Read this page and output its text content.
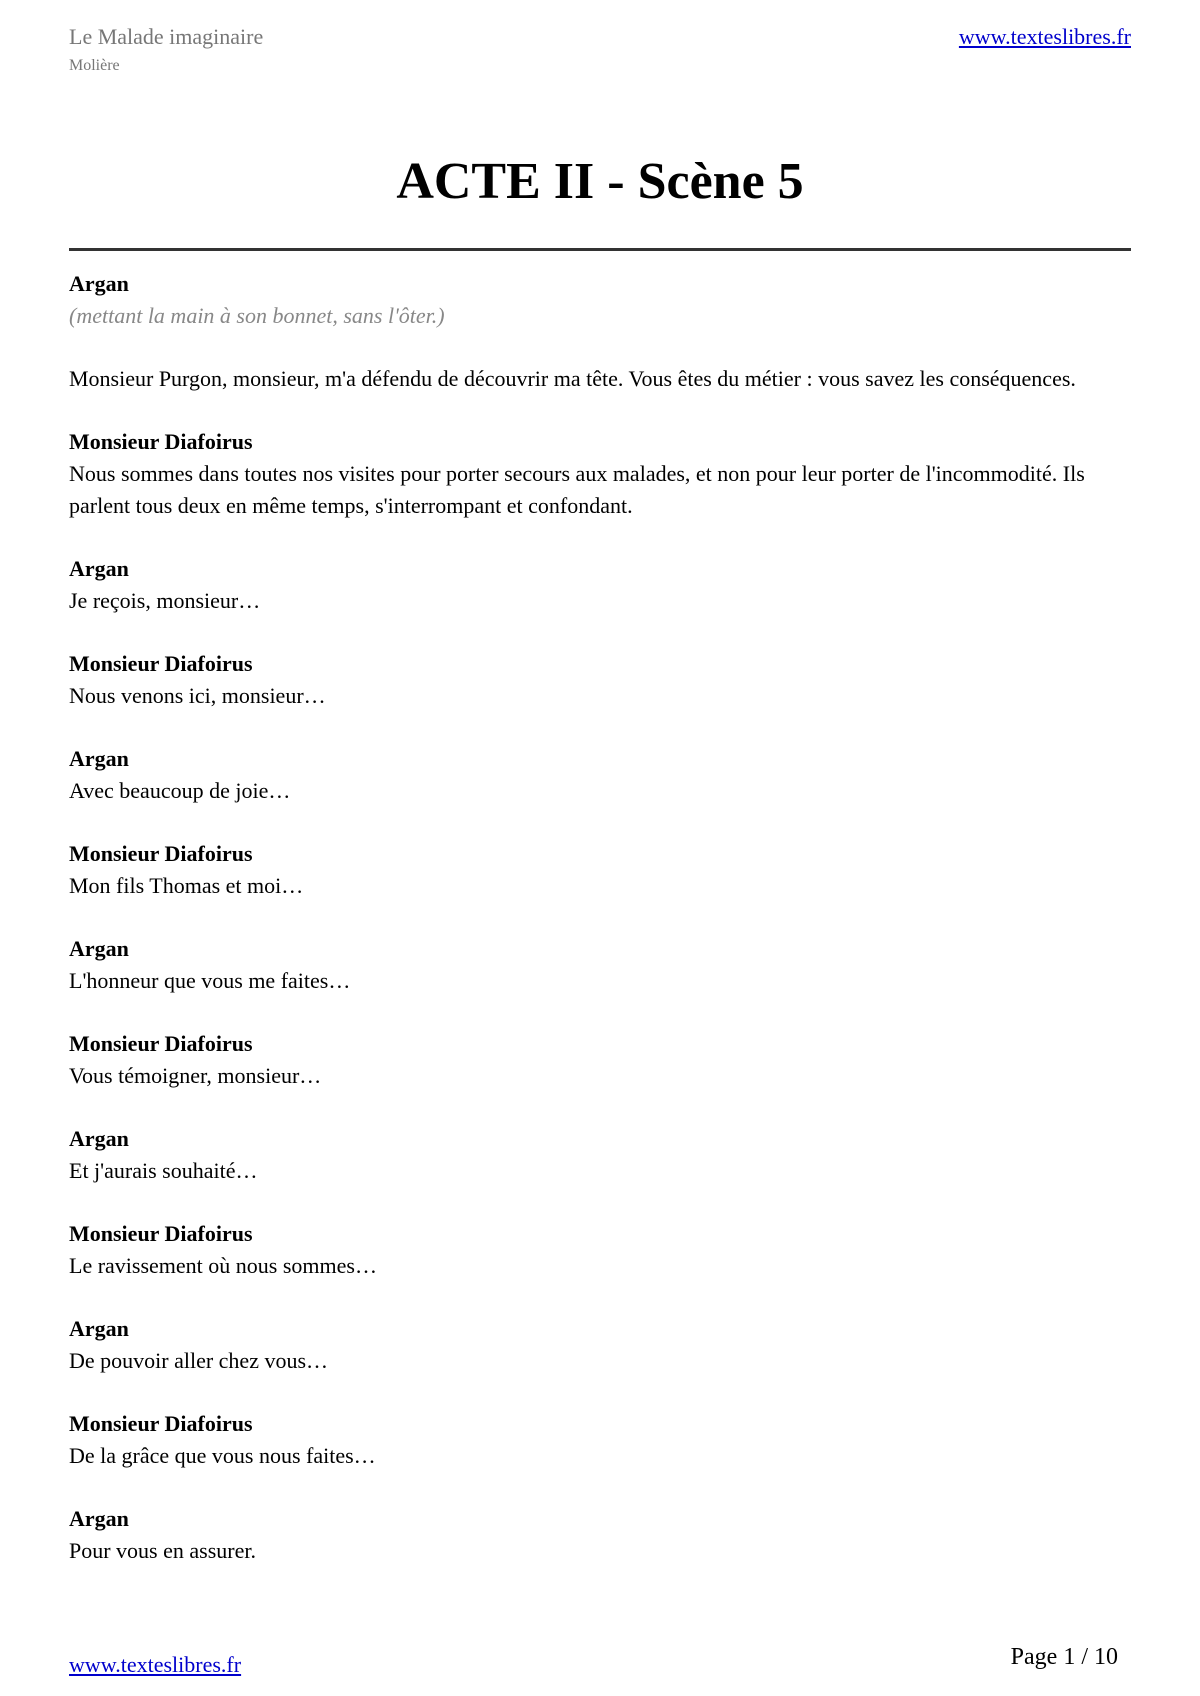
Le Malade imaginaire
Molière
www.texteslibres.fr
ACTE II - Scène 5
Argan
(mettant la main à son bonnet, sans l'ôter.)
Monsieur Purgon, monsieur, m'a défendu de découvrir ma tête. Vous êtes du métier : vous savez les conséquences.
Monsieur Diafoirus
Nous sommes dans toutes nos visites pour porter secours aux malades, et non pour leur porter de l'incommodité. Ils parlent tous deux en même temps, s'interrompant et confondant.
Argan
Je reçois, monsieur…
Monsieur Diafoirus
Nous venons ici, monsieur…
Argan
Avec beaucoup de joie…
Monsieur Diafoirus
Mon fils Thomas et moi…
Argan
L'honneur que vous me faites…
Monsieur Diafoirus
Vous témoigner, monsieur…
Argan
Et j'aurais souhaité…
Monsieur Diafoirus
Le ravissement où nous sommes…
Argan
De pouvoir aller chez vous…
Monsieur Diafoirus
De la grâce que vous nous faites…
Argan
Pour vous en assurer.
www.texteslibres.fr	Page 1 / 10
